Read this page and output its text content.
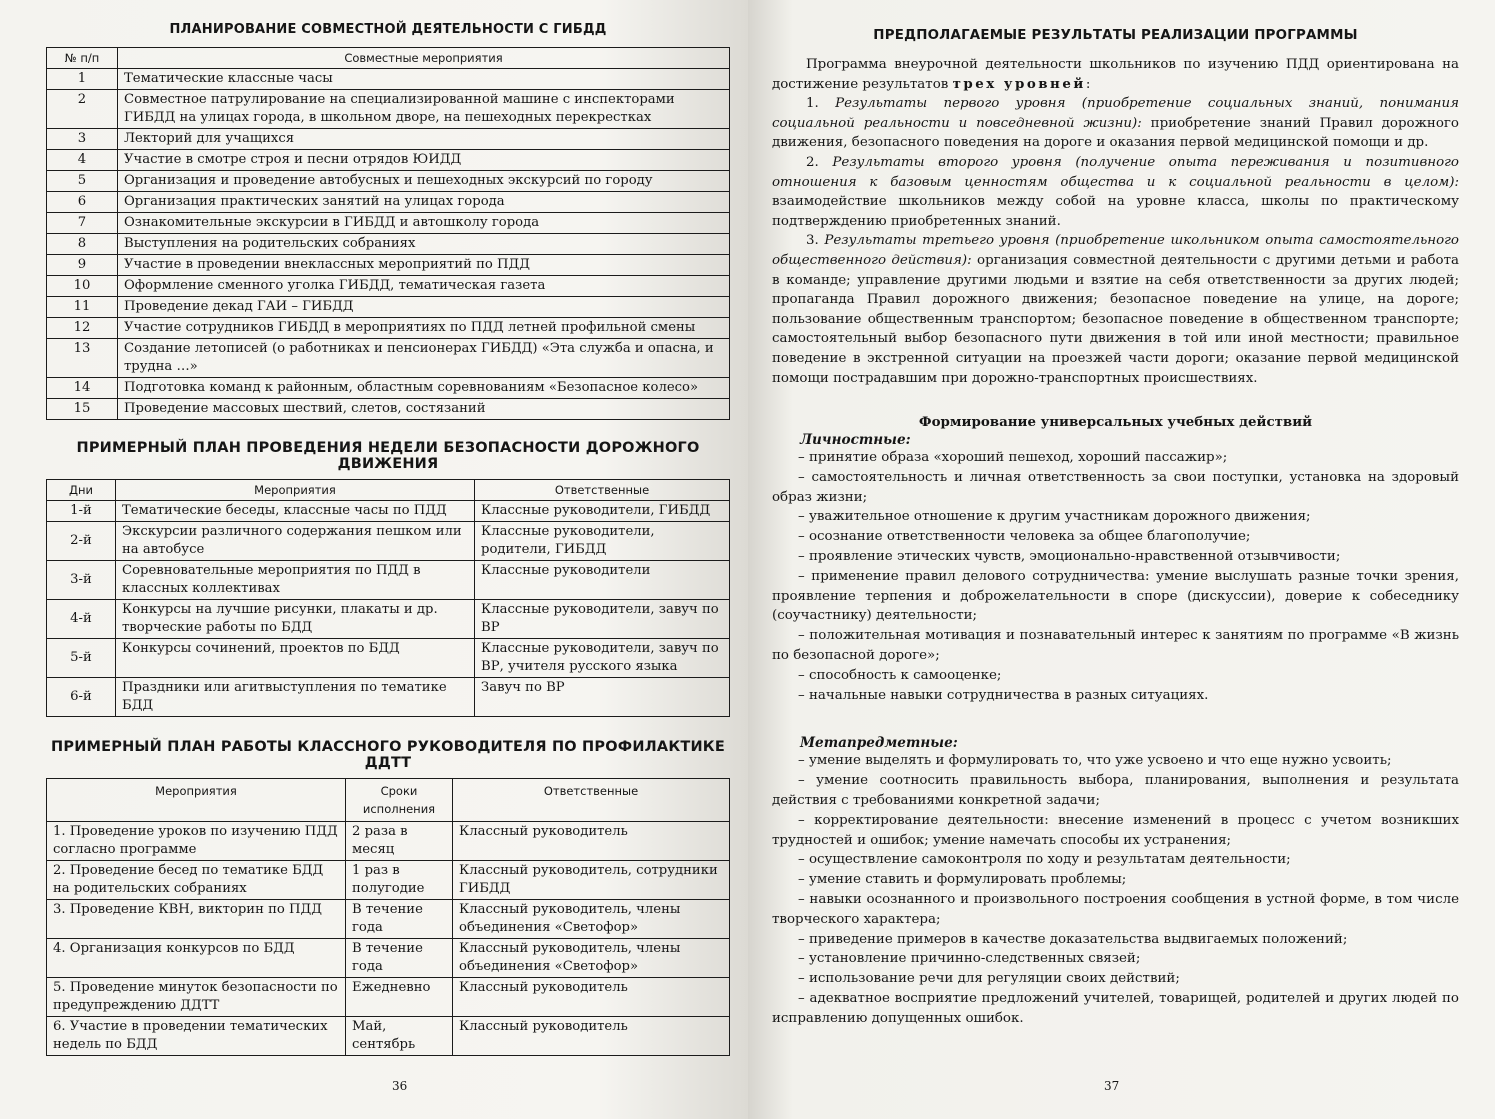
ПЛАНИРОВАНИЕ СОВМЕСТНОЙ ДЕЯТЕЛЬНОСТИ С ГИБДД
№ п/п	Совместные мероприятия
1	Тематические классные часы
2	Совместное патрулирование на специализированной машине с инспекторами ГИБДД на улицах города, в школьном дворе, на пешеходных перекрестках
3	Лекторий для учащихся
4	Участие в смотре строя и песни отрядов ЮИДД
5	Организация и проведение автобусных и пешеходных экскурсий по городу
6	Организация практических занятий на улицах города
7	Ознакомительные экскурсии в ГИБДД и автошколу города
8	Выступления на родительских собраниях
9	Участие в проведении внеклассных мероприятий по ПДД
10	Оформление сменного уголка ГИБДД, тематическая газета
11	Проведение декад ГАИ – ГИБДД
12	Участие сотрудников ГИБДД в мероприятиях по ПДД летней профильной смены
13	Создание летописей (о работниках и пенсионерах ГИБДД) «Эта служба и опасна, и трудна …»
14	Подготовка команд к районным, областным соревнованиям «Безопасное колесо»
15	Проведение массовых шествий, слетов, состязаний

ПРИМЕРНЫЙ ПЛАН ПРОВЕДЕНИЯ НЕДЕЛИ БЕЗОПАСНОСТИ ДОРОЖНОГО ДВИЖЕНИЯ
Дни	Мероприятия	Ответственные
1-й	Тематические беседы, классные часы по ПДД	Классные руководители, ГИБДД
2-й	Экскурсии различного содержания пешком или на автобусе	Классные руководители, родители, ГИБДД
3-й	Соревновательные мероприятия по ПДД в классных коллективах	Классные руководители
4-й	Конкурсы на лучшие рисунки, плакаты и др. творческие работы по БДД	Классные руководители, завуч по ВР
5-й	Конкурсы сочинений, проектов по БДД	Классные руководители, завуч по ВР, учителя русского языка
6-й	Праздники или агитвыступления по тематике БДД	Завуч по ВР
ПРИМЕРНЫЙ ПЛАН РАБОТЫ КЛАССНОГО РУКОВОДИТЕЛЯ ПО ПРОФИЛАКТИКЕ ДДТТ
Мероприятия	Сроки исполнения	Ответственные
1. Проведение уроков по изучению ПДД согласно программе	2 раза в месяц	Классный руководитель
2. Проведение бесед по тематике БДД на родительских собраниях	1 раз в полугодие	Классный руководитель, сотрудники ГИБДД
3. Проведение КВН, викторин по ПДД	В течение года	Классный руководитель, члены объединения «Светофор»
4. Организация конкурсов по БДД	В течение года	Классный руководитель, члены объединения «Светофор»
5. Проведение минуток безопасности по предупреждению ДДТТ	Ежедневно	Классный руководитель
6. Участие в проведении тематических недель по БДД	Май, сентябрь	Классный руководитель
36
ПРЕДПОЛАГАЕМЫЕ РЕЗУЛЬТАТЫ РЕАЛИЗАЦИИ ПРОГРАММЫ

Программа внеурочной деятельности школьников по изучению ПДД ориентирована на достижение результатов трех уровней:

1. Результаты первого уровня (приобретение социальных знаний, понимания социальной реальности и повседневной жизни): приобретение знаний Правил дорожного движения, безопасного поведения на дороге и оказания первой медицинской помощи и др.

2. Результаты второго уровня (получение опыта переживания и позитивного отношения к базовым ценностям общества и к социальной реальности в целом): взаимодействие школьников между собой на уровне класса, школы по практическому подтверждению приобретенных знаний.

3. Результаты третьего уровня (приобретение школьником опыта самостоятельного общественного действия): организация совместной деятельности с другими детьми и работа в команде; управление другими людьми и взятие на себя ответственности за других людей; пропаганда Правил дорожного движения; безопасное поведение на улице, на дороге; пользование общественным транспортом; безопасное поведение в общественном транспорте; самостоятельный выбор безопасного пути движения в той или иной местности; правильное поведение в экстренной ситуации на проезжей части дороги; оказание первой медицинской помощи пострадавшим при дорожно-транспортных происшествиях.

Формирование универсальных учебных действий
Личностные:
– принятие образа «хороший пешеход, хороший пассажир»;
– самостоятельность и личная ответственность за свои поступки, установка на здоровый образ жизни;
– уважительное отношение к другим участникам дорожного движения;
– осознание ответственности человека за общее благополучие;
– проявление этических чувств, эмоционально-нравственной отзывчивости;
– применение правил делового сотрудничества: умение выслушать разные точки зрения, проявление терпения и доброжелательности в споре (дискуссии), доверие к собеседнику (соучастнику) деятельности;
– положительная мотивация и познавательный интерес к занятиям по программе «В жизнь по безопасной дороге»;
– способность к самооценке;
– начальные навыки сотрудничества в разных ситуациях.
Метапредметные:
– умение выделять и формулировать то, что уже усвоено и что еще нужно усвоить;
– умение соотносить правильность выбора, планирования, выполнения и результата действия с требованиями конкретной задачи;
– корректирование деятельности: внесение изменений в процесс с учетом возникших трудностей и ошибок; умение намечать способы их устранения;
– осуществление самоконтроля по ходу и результатам деятельности;
– умение ставить и формулировать проблемы;
– навыки осознанного и произвольного построения сообщения в устной форме, в том числе творческого характера;
– приведение примеров в качестве доказательства выдвигаемых положений;
– установление причинно-следственных связей;
– использование речи для регуляции своих действий;
– адекватное восприятие предложений учителей, товарищей, родителей и других людей по исправлению допущенных ошибок.
37
